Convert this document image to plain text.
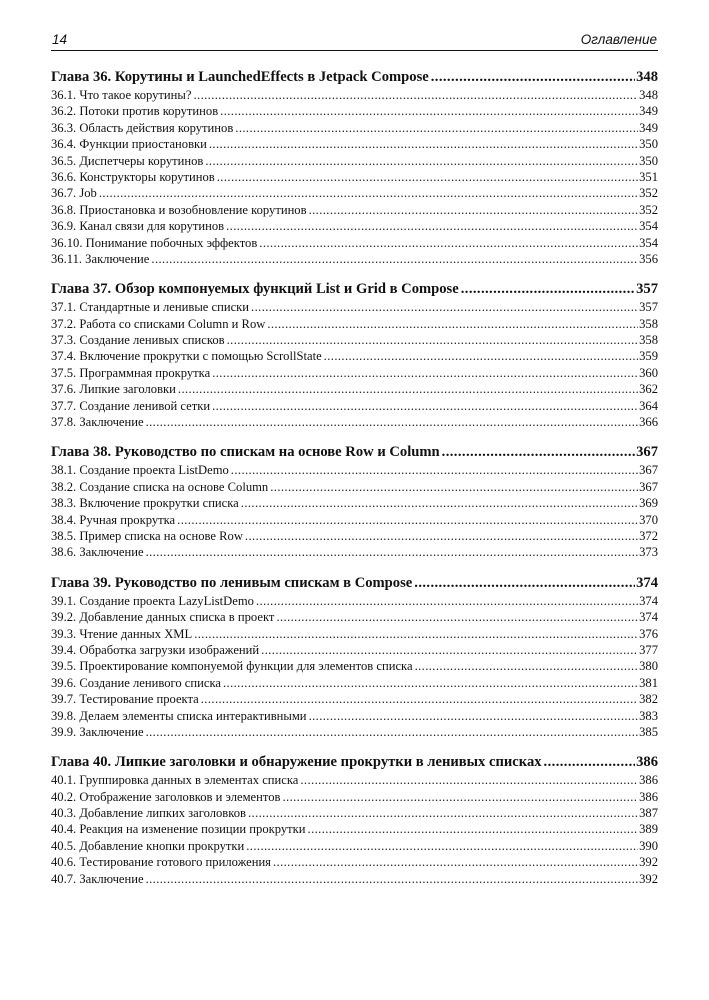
14	Оглавление
Глава 36. Корутины и LaunchedEffects в Jetpack Compose .....	348
36.1. Что такое корутины? .....	348
36.2. Потоки против корутинов .....	349
36.3. Область действия корутинов .....	349
36.4. Функции приостановки .....	350
36.5. Диспетчеры корутинов .....	350
36.6. Конструкторы корутинов .....	351
36.7. Job .....	352
36.8. Приостановка и возобновление корутинов .....	352
36.9. Канал связи для корутинов .....	354
36.10. Понимание побочных эффектов .....	354
36.11. Заключение .....	356
Глава 37. Обзор компонуемых функций List и Grid в Compose .....	357
37.1. Стандартные и ленивые списки .....	357
37.2. Работа со списками Column и Row .....	358
37.3. Создание ленивых списков .....	358
37.4. Включение прокрутки с помощью ScrollState .....	359
37.5. Программная прокрутка .....	360
37.6. Липкие заголовки .....	362
37.7. Создание ленивой сетки .....	364
37.8. Заключение .....	366
Глава 38. Руководство по спискам на основе Row и Column .....	367
38.1. Создание проекта ListDemo .....	367
38.2. Создание списка на основе Column .....	367
38.3. Включение прокрутки списка .....	369
38.4. Ручная прокрутка .....	370
38.5. Пример списка на основе Row .....	372
38.6. Заключение .....	373
Глава 39. Руководство по ленивым спискам в Compose .....	374
39.1. Создание проекта LazyListDemo .....	374
39.2. Добавление данных списка в проект .....	374
39.3. Чтение данных XML .....	376
39.4. Обработка загрузки изображений .....	377
39.5. Проектирование компонуемой функции для элементов списка .....	380
39.6. Создание ленивого списка .....	381
39.7. Тестирование проекта .....	382
39.8. Делаем элементы списка интерактивными .....	383
39.9. Заключение .....	385
Глава 40. Липкие заголовки и обнаружение прокрутки в ленивых списках .....	386
40.1. Группировка данных в элементах списка .....	386
40.2. Отображение заголовков и элементов .....	386
40.3. Добавление липких заголовков .....	387
40.4. Реакция на изменение позиции прокрутки .....	389
40.5. Добавление кнопки прокрутки .....	390
40.6. Тестирование готового приложения .....	392
40.7. Заключение .....	392
